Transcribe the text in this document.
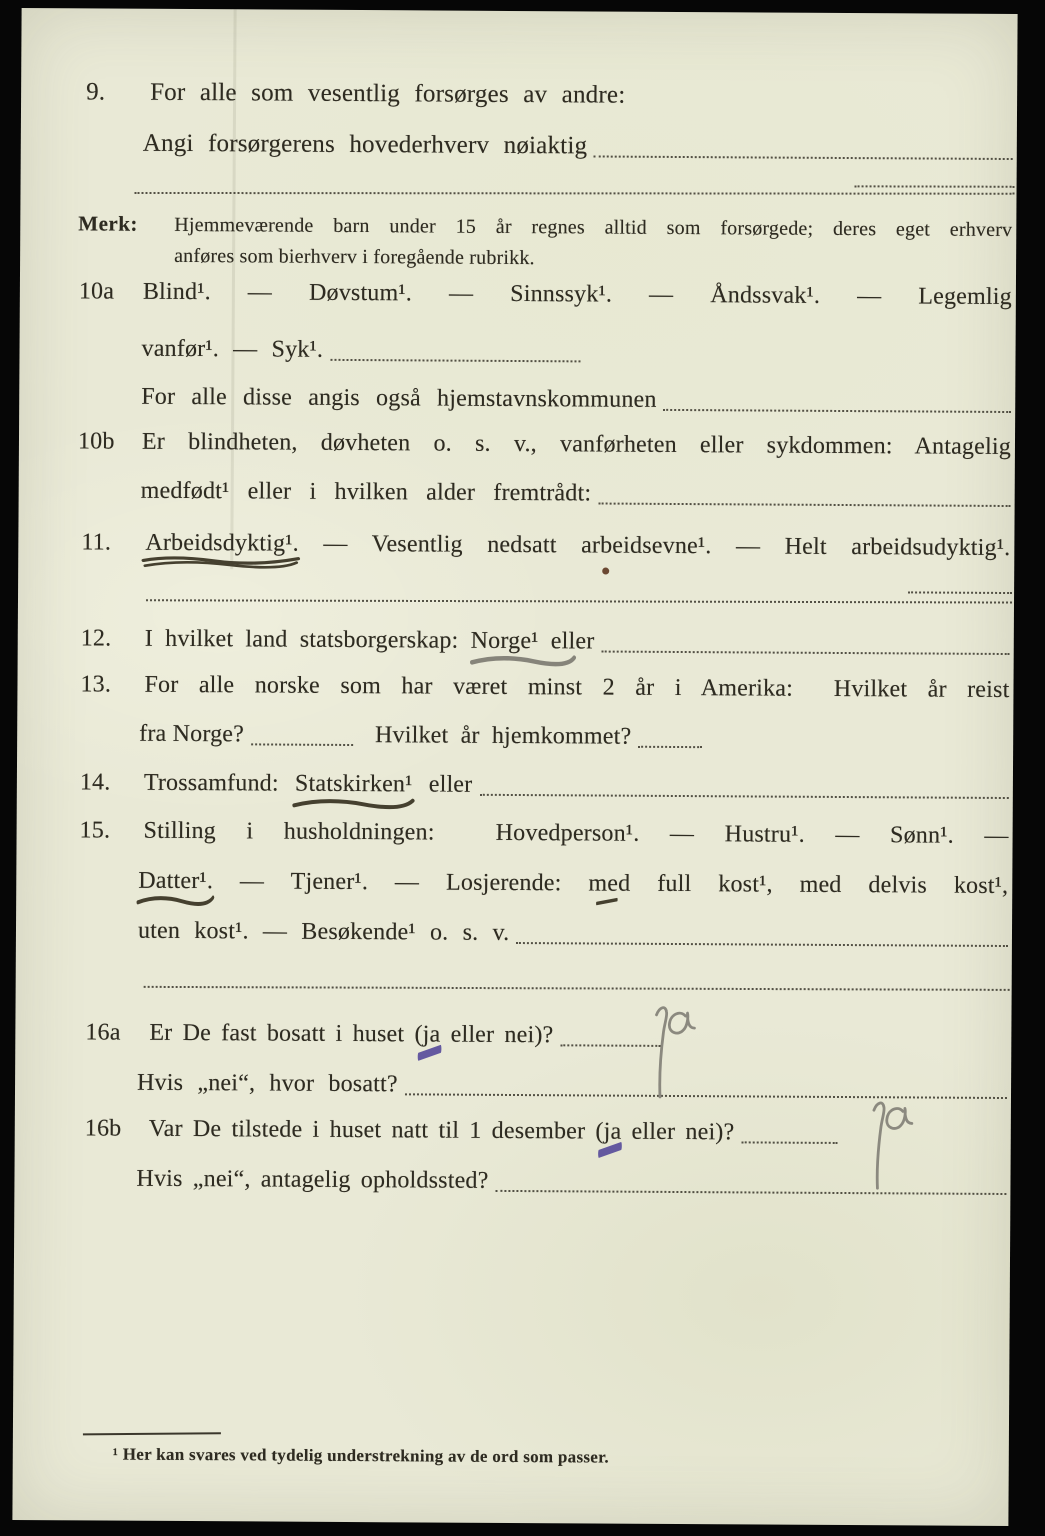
9.	For alle som vesentlig forsørges av andre:
Angi forsørgerens hovederhverv nøiaktig
Merk:	Hjemmeværende barn under 15 år regnes alltid som forsørgede; deres eget erhverv
anføres som bierhverv i foregående rubrikk.
10a	Blind¹. — Døvstum¹. — Sinnssyk¹. — Åndssvak¹. — Legemlig
vanfør¹. — Syk¹.
For alle disse angis også hjemstavnskommunen
10b	Er blindheten, døvheten o. s. v., vanførheten eller sykdommen: Antagelig
medfødt¹ eller i hvilken alder fremtrådt:
11.	Arbeidsdyktig¹.
— Vesentlig nedsatt arbeidsevne¹. — Helt arbeidsudyktig¹.
12.	I hvilket land statsborgerskap: Norge¹
eller
13.	For alle norske som har været minst 2 år i Amerika:  Hvilket år reist
fra Norge?	Hvilket år hjemkommet?
14.	Trossamfund: Statskirken¹
eller
15.	Stilling i husholdningen:  Hovedperson¹. — Hustru¹. — Sønn¹. —
Datter¹.
— Tjener¹. — Losjerende: med
full kost¹, med delvis kost¹,
uten kost¹. — Besøkende¹ o. s. v.
16a	Er De fast bosatt i huset (ja
eller nei)?
Hvis „nei“, hvor bosatt?
16b	Var De tilstede i huset natt til 1 desember (ja
eller nei)?
Hvis „nei“, antagelig opholdssted?
¹ Her kan svares ved tydelig understrekning av de ord som passer.
